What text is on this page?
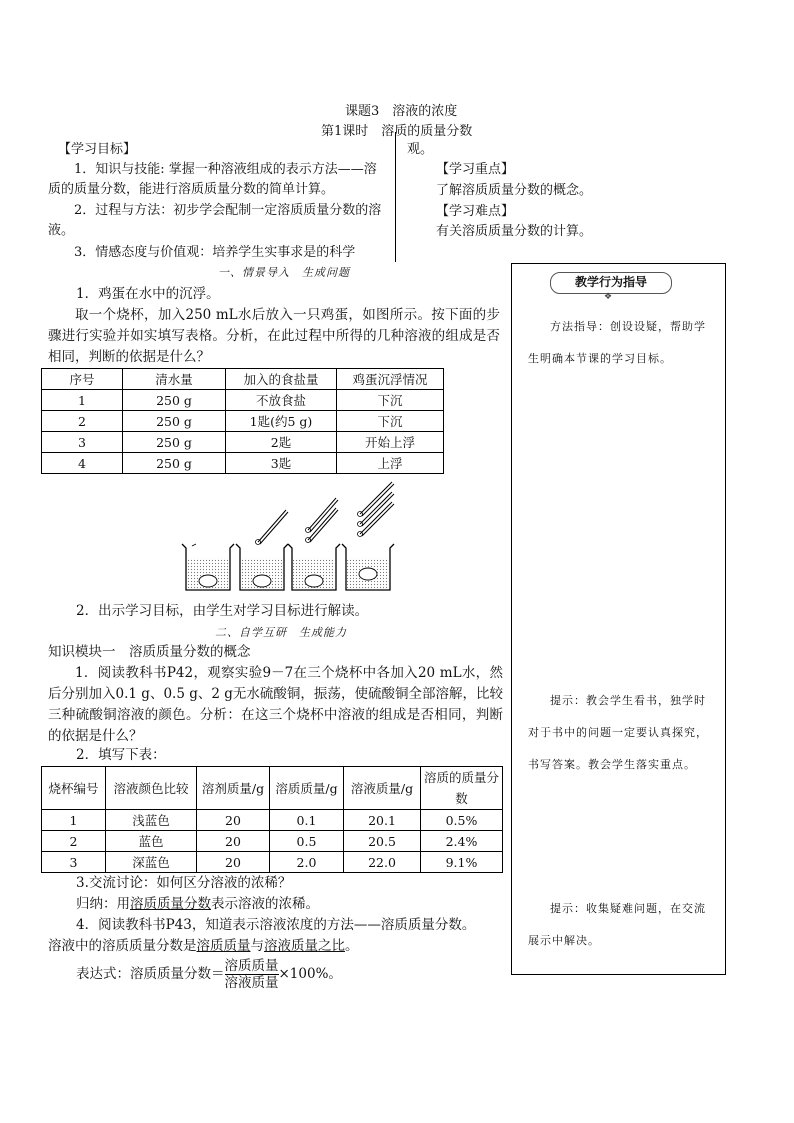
课题3　溶液的浓度
第1课时　溶质的质量分数
【学习目标】
1．知识与技能: 掌握一种溶液组成的表示方法——溶质的质量分数，能进行溶质质量分数的简单计算。
2．过程与方法：初步学会配制一定溶质质量分数的溶液。
3．情感态度与价值观：培养学生实事求是的科学
观。
【学习重点】
了解溶质质量分数的概念。
【学习难点】
有关溶质质量分数的计算。
一、情景导入　生成问题
1．鸡蛋在水中的沉浮。
取一个烧杯，加入250 mL水后放入一只鸡蛋，如图所示。按下面的步骤进行实验并如实填写表格。分析，在此过程中所得的几种溶液的组成是否相同，判断的依据是什么？
序号	清水量	加入的食盐量	鸡蛋沉浮情况
1	250 g	不放食盐	下沉
2	250 g	1匙(约5 g)	下沉
3	250 g	2匙	开始上浮
4	250 g	3匙	上浮
2．出示学习目标，由学生对学习目标进行解读。
二、自学互研　生成能力
知识模块一　溶质质量分数的概念
1．阅读教科书P42，观察实验9－7在三个烧杯中各加入20 mL水，然后分别加入0.1 g、0.5 g、2 g无水硫酸铜，振荡，使硫酸铜全部溶解，比较三种硫酸铜溶液的颜色。分析：在这三个烧杯中溶液的组成是否相同，判断的依据是什么？
2．填写下表：
烧杯编号	溶液颜色比较	溶剂质量/g	溶质质量/g	溶液质量/g	溶质的质量分数
1	浅蓝色	20	0.1	20.1	0.5%
2	蓝色	20	0.5	20.5	2.4%
3	深蓝色	20	2.0	22.0	9.1%
3.交流讨论：如何区分溶液的浓稀？
归纳：用溶质质量分数表示溶液的浓稀。
4．阅读教科书P43，知道表示溶液浓度的方法——溶质质量分数。
溶液中的溶质质量分数是溶质质量与溶液质量之比。
表达式：溶质质量分数＝ $\frac{\text{溶质质量}}{\text{溶液质量}} \times 100\%$。
教学行为指导
❖
方法指导：创设设疑，帮助学生明确本节课的学习目标。
提示：教会学生看书，独学时对于书中的问题一定要认真探究，书写答案。教会学生落实重点。
提示：收集疑难问题，在交流展示中解决。
